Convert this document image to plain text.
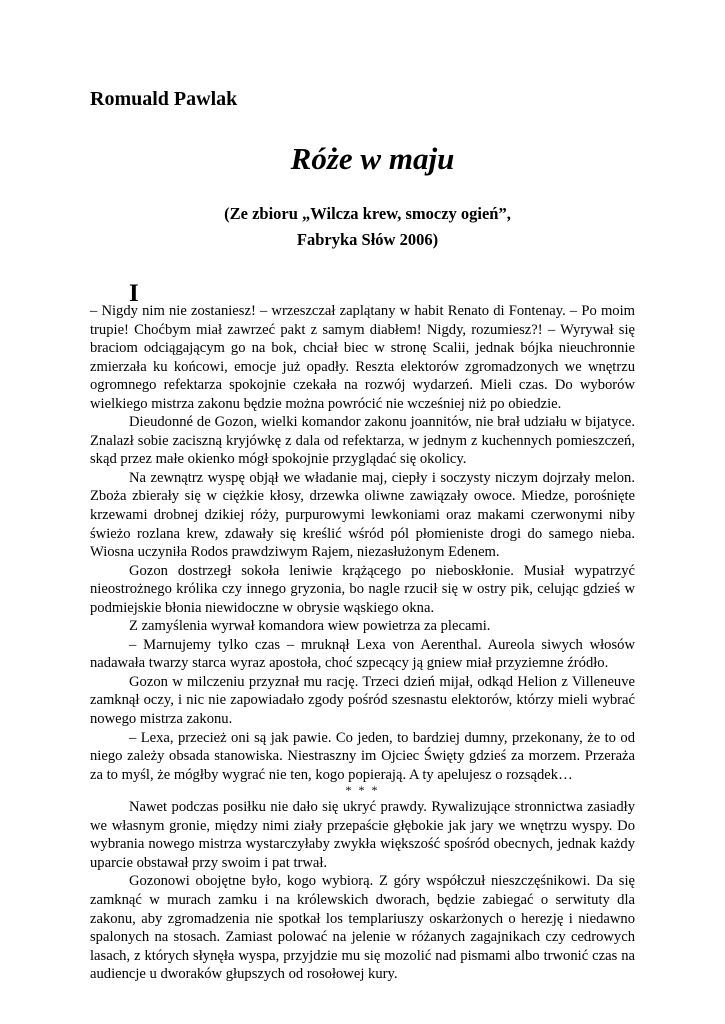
Romuald Pawlak
Róże w maju
(Ze zbioru „Wilcza krew, smoczy ogień”,
Fabryka Słów 2006)
I

– Nigdy nim nie zostaniesz! – wrzeszczał zaplątany w habit Renato di Fontenay. – Po moim trupie! Choćbym miał zawrzeć pakt z samym diabłem! Nigdy, rozumiesz?! – Wyrywał się braciom odciągającym go na bok, chciał biec w stronę Scalii, jednak bójka nieuchronnie zmierzała ku końcowi, emocje już opadły. Reszta elektorów zgromadzonych we wnętrzu ogromnego refektarza spokojnie czekała na rozwój wydarzeń. Mieli czas. Do wyborów wielkiego mistrza zakonu będzie można powrócić nie wcześniej niż po obiedzie.

Dieudonné de Gozon, wielki komandor zakonu joannitów, nie brał udziału w bijatyce. Znalazł sobie zaciszną kryjówkę z dala od refektarza, w jednym z kuchennych pomieszczeń, skąd przez małe okienko mógł spokojnie przyglądać się okolicy.

Na zewnątrz wyspę objął we władanie maj, ciepły i soczysty niczym dojrzały melon. Zboża zbierały się w ciężkie kłosy, drzewka oliwne zawiązały owoce. Miedze, porośnięte krzewami drobnej dzikiej róży, purpurowymi lewkoniami oraz makami czerwonymi niby świeżo rozlana krew, zdawały się kreślić wśród pól płomieniste drogi do samego nieba. Wiosna uczyniła Rodos prawdziwym Rajem, niezasłużonym Edenem.

Gozon dostrzegł sokoła leniwie krążącego po nieboskłonie. Musiał wypatrzyć nieostrożnego królika czy innego gryzonia, bo nagle rzucił się w ostry pik, celując gdzieś w podmiejskie błonia niewidoczne w obrysie wąskiego okna.

Z zamyślenia wyrwał komandora wiew powietrza za plecami.

– Marnujemy tylko czas – mruknął Lexa von Aerenthal. Aureola siwych włosów nadawała twarzy starca wyraz apostoła, choć szpecący ją gniew miał przyziemne źródło.

Gozon w milczeniu przyznał mu rację. Trzeci dzień mijał, odkąd Helion z Villeneuve zamknął oczy, i nic nie zapowiadało zgody pośród szesnastu elektorów, którzy mieli wybrać nowego mistrza zakonu.

– Lexa, przecież oni są jak pawie. Co jeden, to bardziej dumny, przekonany, że to od niego zależy obsada stanowiska. Niestraszny im Ojciec Święty gdzieś za morzem. Przeraża za to myśl, że mógłby wygrać nie ten, kogo popierają. A ty apelujesz o rozsądek…

* * *

Nawet podczas posiłku nie dało się ukryć prawdy. Rywalizujące stronnictwa zasiadły we własnym gronie, między nimi ziały przepaście głębokie jak jary we wnętrzu wyspy. Do wybrania nowego mistrza wystarczyłaby zwykła większość spośród obecnych, jednak każdy uparcie obstawał przy swoim i pat trwał.

Gozonowi obojętne było, kogo wybiorą. Z góry współczuł nieszczęśnikowi. Da się zamknąć w murach zamku i na królewskich dworach, będzie zabiegać o serwituty dla zakonu, aby zgromadzenia nie spotkał los templariuszy oskarżonych o herezję i niedawno spalonych na stosach. Zamiast polować na jelenie w różanych zagajnikach czy cedrowych lasach, z których słynęła wyspa, przyjdzie mu się mozolić nad pismami albo trwonić czas na audiencje u dworaków głupszych od rosołowej kury.
